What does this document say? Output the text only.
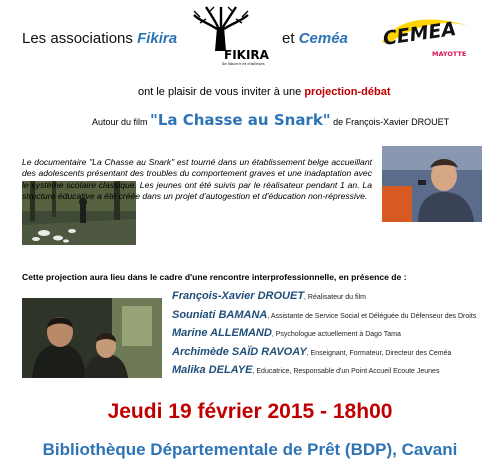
Les associations Fikira
FIKIRA
Se Nourrir et d'ailleurs
et Ceméa CEMEA
MAYOTTE
ont le plaisir de vous inviter à une projection-débat
Autour du film "La Chasse au Snark" de François-Xavier DROUET
Le documentaire "La Chasse au Snark" est tourné dans un établissement belge accueillant des adolescents présentant des troubles du comportement graves et une inadaptation avec le système scolaire classique. Les jeunes ont été suivis par le réalisateur pendant 1 an. La structure éducative a été créée dans un projet d'autogestion et d'éducation non-répressive.
Cette projection aura lieu dans le cadre d'une rencontre interprofessionnelle, en présence de :
François-Xavier DROUET, Réalisateur du film
Souniati BAMANA, Assistante de Service Social et Déléguée du Défenseur des Droits
Marine ALLEMAND, Psychologue actuellement à Dago Tama
Archimède SAÏD RAVOAY, Enseignant, Formateur, Directeur des Ceméa
Malika DELAYE, Educatrice, Responsable d'un Point Accueil Ecoute Jeunes
Jeudi 19 février 2015 - 18h00
Bibliothèque Départementale de Prêt (BDP), Cavani
